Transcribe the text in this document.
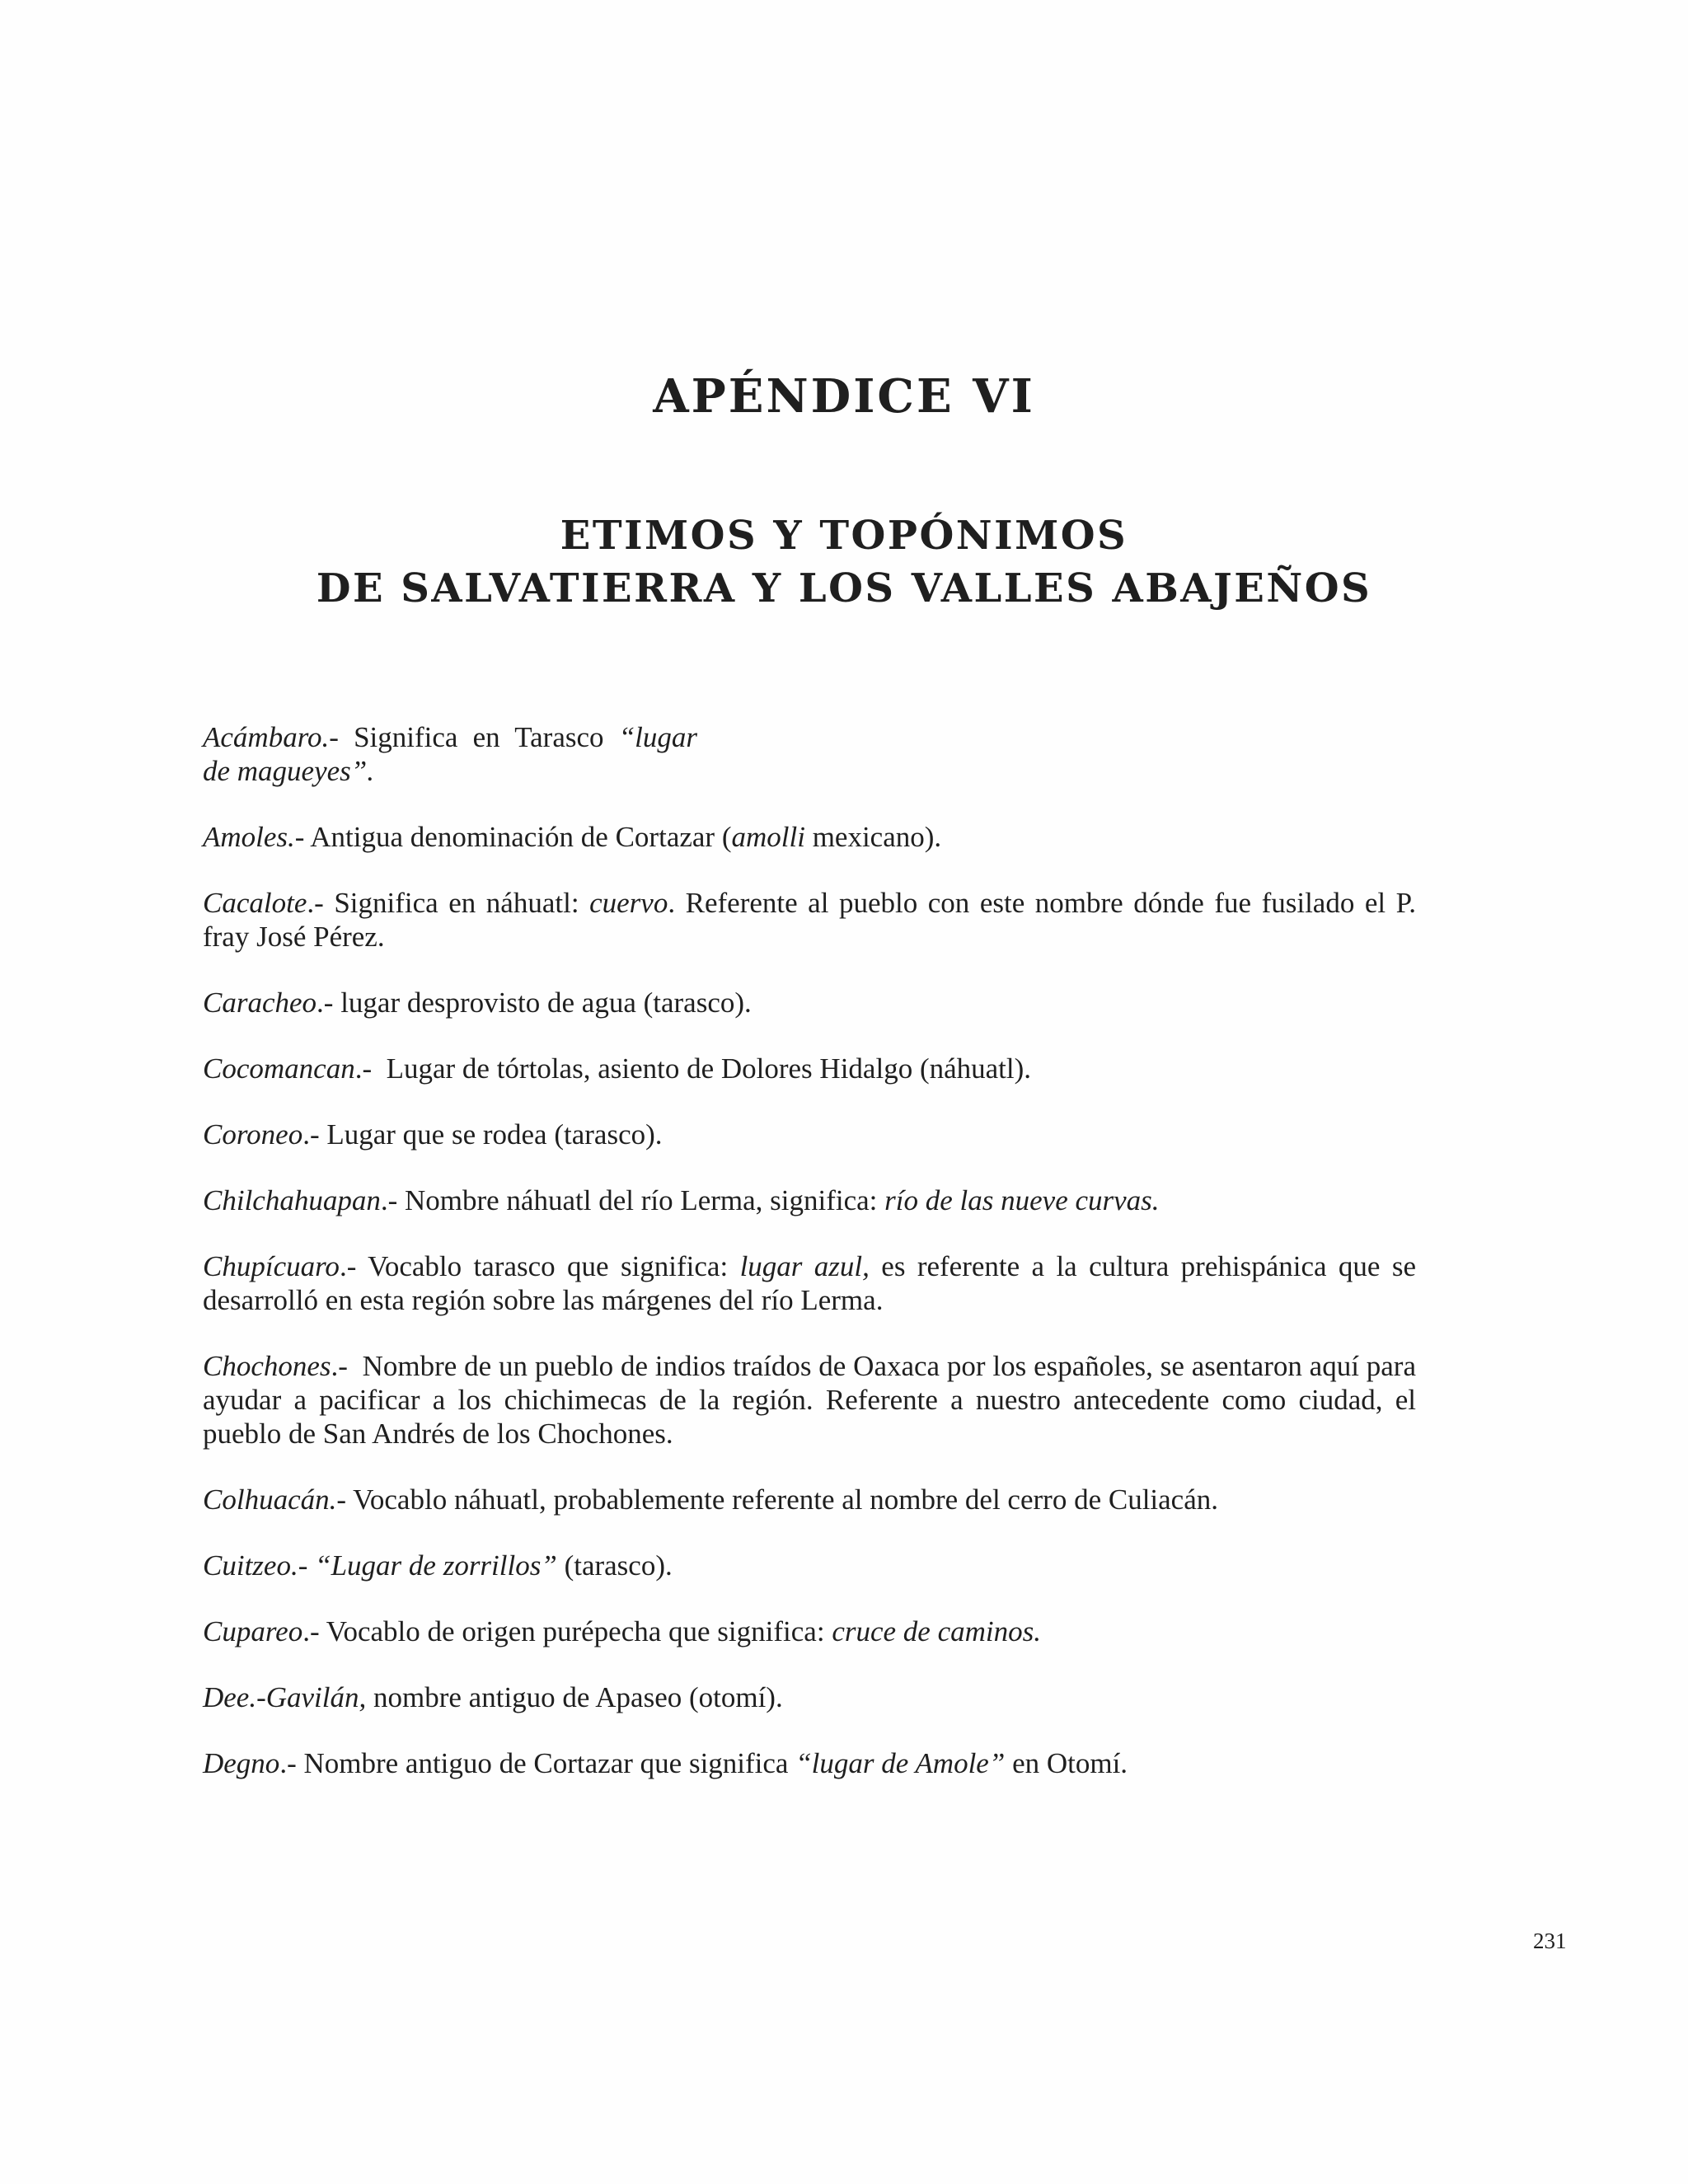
APÉNDICE VI
ETIMOS Y TOPÓNIMOS
DE SALVATIERRA Y LOS VALLES ABAJEÑOS

Acámbaro.- Significa en Tarasco “lugar de magueyes”.

Amoles.- Antigua denominación de Cortazar (amolli mexicano).

Cacalote.- Significa en náhuatl: cuervo. Referente al pueblo con este nombre dónde fue fusilado el P. fray José Pérez.

Caracheo.- lugar desprovisto de agua (tarasco).

Cocomancan.-  Lugar de tórtolas, asiento de Dolores Hidalgo (náhuatl).

Coroneo.- Lugar que se rodea (tarasco).

Chilchahuapan.- Nombre náhuatl del río Lerma, significa: río de las nueve curvas.

Chupícuaro.- Vocablo tarasco que significa: lugar azul, es referente a la cultura prehispánica que se desarrolló en esta región sobre las márgenes del río Lerma.

Chochones.-  Nombre de un pueblo de indios traídos de Oaxaca por los españoles, se asentaron aquí para ayudar a pacificar a los chichimecas de la región. Referente a nuestro antecedente como ciudad, el pueblo de San Andrés de los Chochones.

Colhuacán.- Vocablo náhuatl, probablemente referente al nombre del cerro de Culiacán.

Cuitzeo.- “Lugar de zorrillos” (tarasco).

Cupareo.- Vocablo de origen purépecha que significa: cruce de caminos.

Dee.-Gavilán, nombre antiguo de Apaseo (otomí).

Degno.- Nombre antiguo de Cortazar que significa “lugar de Amole” en Otomí.

231
